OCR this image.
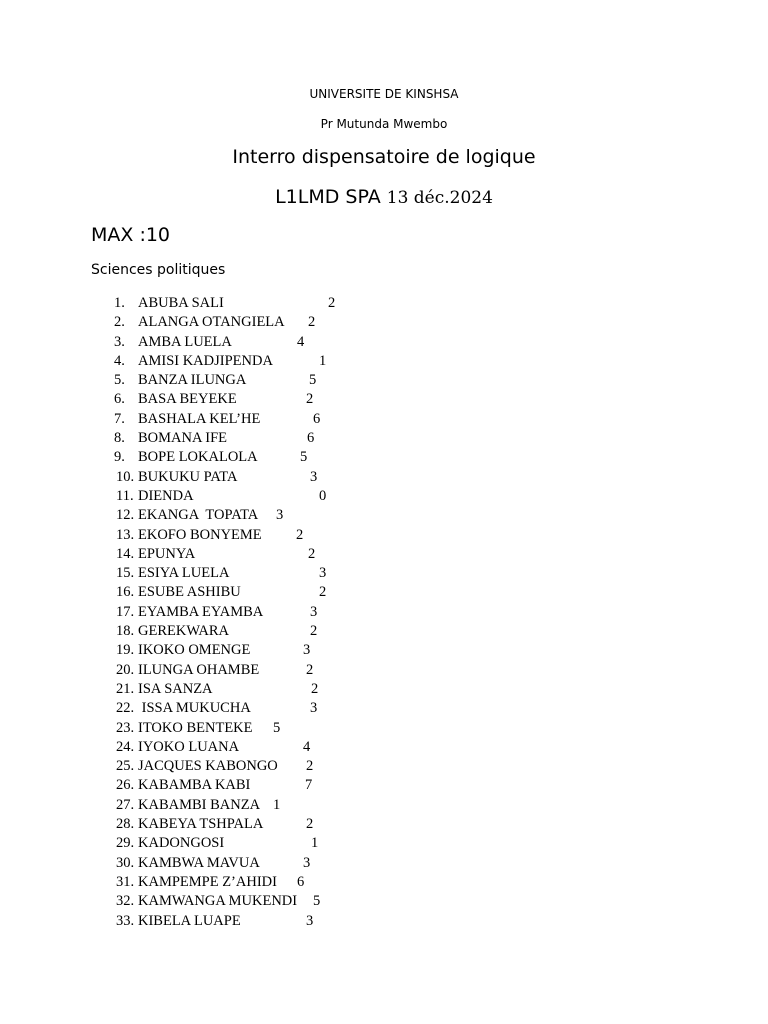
UNIVERSITE DE KINSHSA
Pr Mutunda Mwembo
Interro dispensatoire de logique
L1LMD SPA 13 déc.2024
MAX :10
Sciences politiques
1. ABUBA SALI	2
2. ALANGA OTANGIELA 2
3. AMBA LUELA	4
4. AMISI KADJIPENDA	1
5. BANZA ILUNGA	5
6. BASA BEYEKE	2
7. BASHALA KEL’HE	6
8. BOMANA IFE	6
9. BOPE LOKALOLA	5
10. BUKUKU PATA	3
11. DIENDA	0
12. EKANGA  TOPATA 3
13. EKOFO BONYEME 2
14. EPUNYA	2
15. ESIYA LUELA	3
16. ESUBE ASHIBU	2
17. EYAMBA EYAMBA	3
18. GEREKWARA	2
19. IKOKO OMENGE	3
20. ILUNGA OHAMBE	2
21. ISA SANZA	2
22. ISSA MUKUCHA	3
23. ITOKO BENTEKE 5
24. IYOKO LUANA	4
25. JACQUES KABONGO 2
26. KABAMBA KABI	7
27. KABAMBI BANZA 1
28. KABEYA TSHPALA	2
29. KADONGOSI	1
30. KAMBWA MAVUA	3
31. KAMPEMPE Z’AHIDI 6
32. KAMWANGA MUKENDI 5
33. KIBELA LUAPE	3
